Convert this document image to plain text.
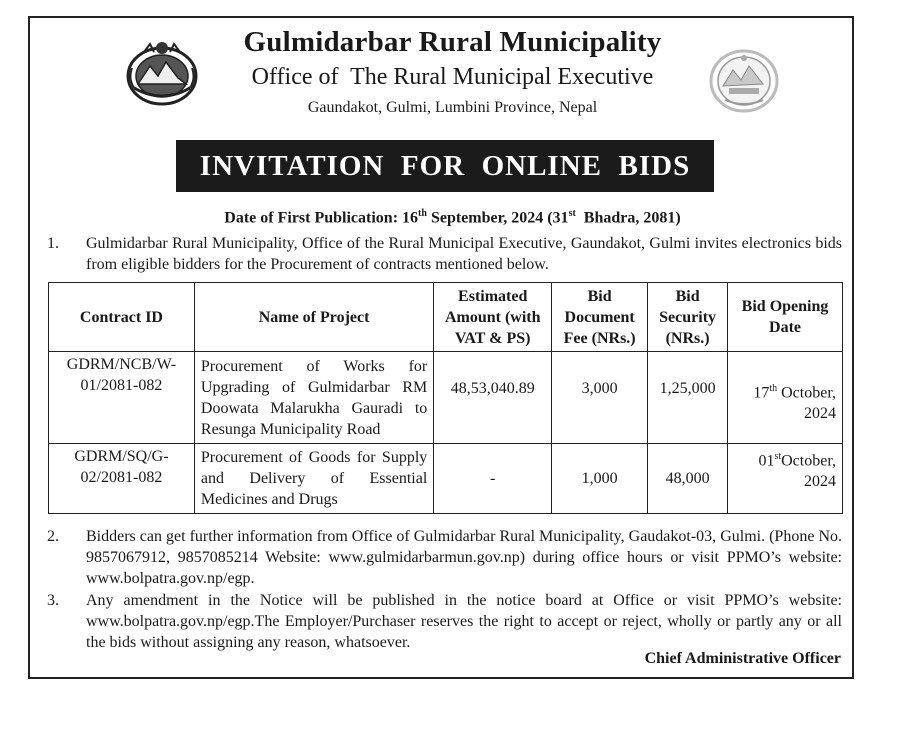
Gulmidarbar Rural Municipality
Office of  The Rural Municipal Executive
Gaundakot, Gulmi, Lumbini Province, Nepal
INVITATION  FOR  ONLINE  BIDS
Date of First Publication: 16th September, 2024 (31st  Bhadra, 2081)
1. Gulmidarbar Rural Municipality, Office of the Rural Municipal Executive, Gaundakot, Gulmi invites electronics bids from eligible bidders for the Procurement of contracts mentioned below.
Contract ID	Name of Project	Estimated Amount (with VAT & PS)	Bid Document Fee (NRs.)	Bid Security (NRs.)	Bid Opening Date
GDRM/NCB/W-01/2081-082	Procurement of Works for Upgrading of Gulmidarbar RM Doowata Malarukha Gauradi to Resunga Municipality Road	48,53,040.89	3,000	1,25,000	17th October, 2024
GDRM/SQ/G-02/2081-082	Procurement of Goods for Supply and Delivery of Essential Medicines and Drugs	-	1,000	48,000	01stOctober, 2024
2. Bidders can get further information from Office of Gulmidarbar Rural Municipality, Gaudakot-03, Gulmi. (Phone No. 9857067912, 9857085214 Website: www.gulmidarbarmun.gov.np) during office hours or visit PPMO’s website: www.bolpatra.gov.np/egp.
3. Any amendment in the Notice will be published in the notice board at Office or visit PPMO’s website: www.bolpatra.gov.np/egp.The Employer/Purchaser reserves the right to accept or reject, wholly or partly any or all the bids without assigning any reason, whatsoever.
Chief Administrative Officer
